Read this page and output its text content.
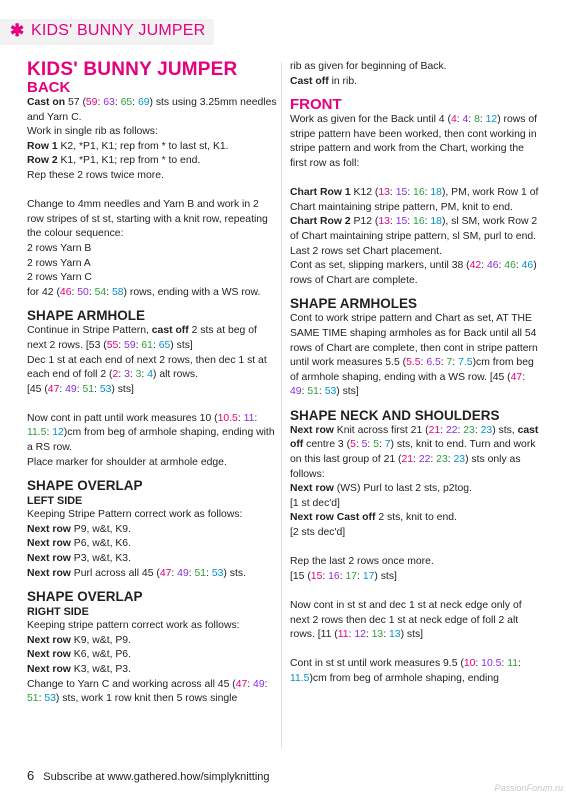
✱ KIDS' BUNNY JUMPER
KIDS' BUNNY JUMPER
BACK

Cast on 57 (59: 63: 65: 69) sts using 3.25mm needles and Yarn C.

Work in single rib as follows:

Row 1 K2, *P1, K1; rep from * to last st, K1.

Row 2 K1, *P1, K1; rep from * to end.

Rep these 2 rows twice more.

Change to 4mm needles and Yarn B and work in 2 row stripes of st st, starting with a knit row, repeating the colour sequence:

2 rows Yarn B

2 rows Yarn A

2 rows Yarn C

for 42 (46: 50: 54: 58) rows, ending with a WS row.

SHAPE ARMHOLE

Continue in Stripe Pattern, cast off 2 sts at beg of next 2 rows. [53 (55: 59: 61: 65) sts]

Dec 1 st at each end of next 2 rows, then dec 1 st at each end of foll 2 (2: 3: 3: 4) alt rows.

[45 (47: 49: 51: 53) sts]

Now cont in patt until work measures 10 (10.5: 11: 11.5: 12)cm from beg of armhole shaping, ending with a RS row.

Place marker for shoulder at armhole edge.

SHAPE OVERLAP
LEFT SIDE

Keeping Stripe Pattern correct work as follows:

Next row P9, w&t, K9.

Next row P6, w&t, K6.

Next row P3, w&t, K3.

Next row Purl across all 45 (47: 49: 51: 53) sts.

SHAPE OVERLAP
RIGHT SIDE

Keeping stripe pattern correct work as follows:

Next row K9, w&t, P9.

Next row K6, w&t, P6.

Next row K3, w&t, P3.

Change to Yarn C and working across all 45 (47: 49: 51: 53) sts, work 1 row knit then 5 rows single

rib as given for beginning of Back.

Cast off in rib.

FRONT

Work as given for the Back until 4 (4: 4: 8: 12) rows of stripe pattern have been worked, then cont working in stripe pattern and work from the Chart, working the first row as foll:

Chart Row 1 K12 (13: 15: 16: 18), PM, work Row 1 of Chart maintaining stripe pattern, PM, knit to end.

Chart Row 2 P12 (13: 15: 16: 18), sl SM, work Row 2 of Chart maintaining stripe pattern, sl SM, purl to end.

Last 2 rows set Chart placement.

Cont as set, slipping markers, until 38 (42: 46: 46: 46) rows of Chart are complete.

SHAPE ARMHOLES

Cont to work stripe pattern and Chart as set, AT THE SAME TIME shaping armholes as for Back until all 54 rows of Chart are complete, then cont in stripe pattern until work measures 5.5 (5.5: 6.5: 7: 7.5)cm from beg of armhole shaping, ending with a WS row. [45 (47: 49: 51: 53) sts]

SHAPE NECK AND SHOULDERS

Next row Knit across first 21 (21: 22: 23: 23) sts, cast off centre 3 (5: 5: 5: 7) sts, knit to end. Turn and work on this last group of 21 (21: 22: 23: 23) sts only as follows:

Next row (WS) Purl to last 2 sts, p2tog.

[1 st dec'd]

Next row Cast off 2 sts, knit to end.

[2 sts dec'd]

Rep the last 2 rows once more.

[15 (15: 16: 17: 17) sts]

Now cont in st st and dec 1 st at neck edge only of next 2 rows then dec 1 st at neck edge of foll 2 alt rows. [11 (11: 12: 13: 13) sts]

Cont in st st until work measures 9.5 (10: 10.5: 11: 11.5)cm from beg of armhole shaping, ending

6 Subscribe at www.gathered.how/simplyknitting
PassionForum.ru
